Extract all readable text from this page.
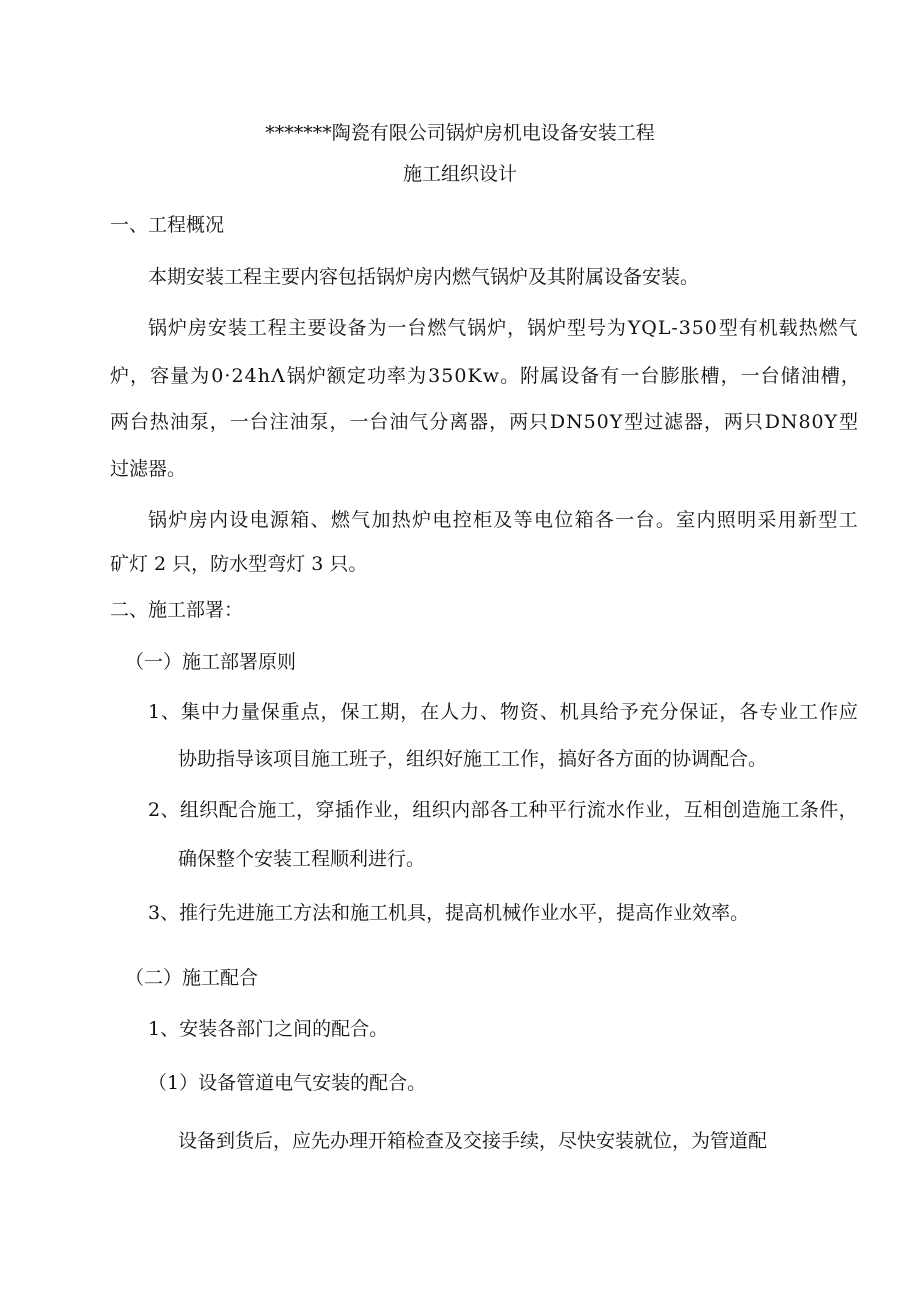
*******陶瓷有限公司锅炉房机电设备安装工程
施工组织设计
一、工程概况
本期安装工程主要内容包括锅炉房内燃气锅炉及其附属设备安装。
锅 炉 房 安 装 工 程 主 要 设 备 为 一 台 燃 气 锅 炉 ， 锅 炉 型 号 为 Y Q L - 3 5 0 型 有 机 载 热 燃 气
炉 ， 容 量 为 0 · 2 4 h Λ 锅 炉 额 定 功 率 为 3 5 0 K w 。 附 属 设 备 有 一 台 膨 胀 槽 ， 一 台 储 油 槽 ，
两 台 热 油 泵 ， 一 台 注 油 泵 ， 一 台 油 气 分 离 器 ， 两 只 D N 5 0 Y 型 过 滤 器 ， 两 只 D N 8 0 Y 型
过滤器。
锅 炉 房 内 设 电 源 箱 、 燃 气 加 热 炉 电 控 柜 及 等 电 位 箱 各 一 台 。 室 内 照 明 采 用 新 型 工
矿灯 2 只，防水型弯灯 3 只。
二、施工部署：
（一）施工部署原则
1 、 集 中 力 量 保 重 点 ， 保 工 期 ， 在 人 力 、 物 资 、 机 具 给 予 充 分 保 证 ， 各 专 业 工 作 应
协助指导该项目施工班子，组织好施工工作，搞好各方面的协调配合。
2 、 组 织 配 合 施 工 ， 穿 插 作 业 ， 组 织 内 部 各 工 种 平 行 流 水 作 业 ， 互 相 创 造 施 工 条 件 ，
确保整个安装工程顺利进行。
3、推行先进施工方法和施工机具，提高机械作业水平，提高作业效率。
（二）施工配合
1、安装各部门之间的配合。
（1）设备管道电气安装的配合。
设备到货后，应先办理开箱检查及交接手续，尽快安装就位，为管道配
